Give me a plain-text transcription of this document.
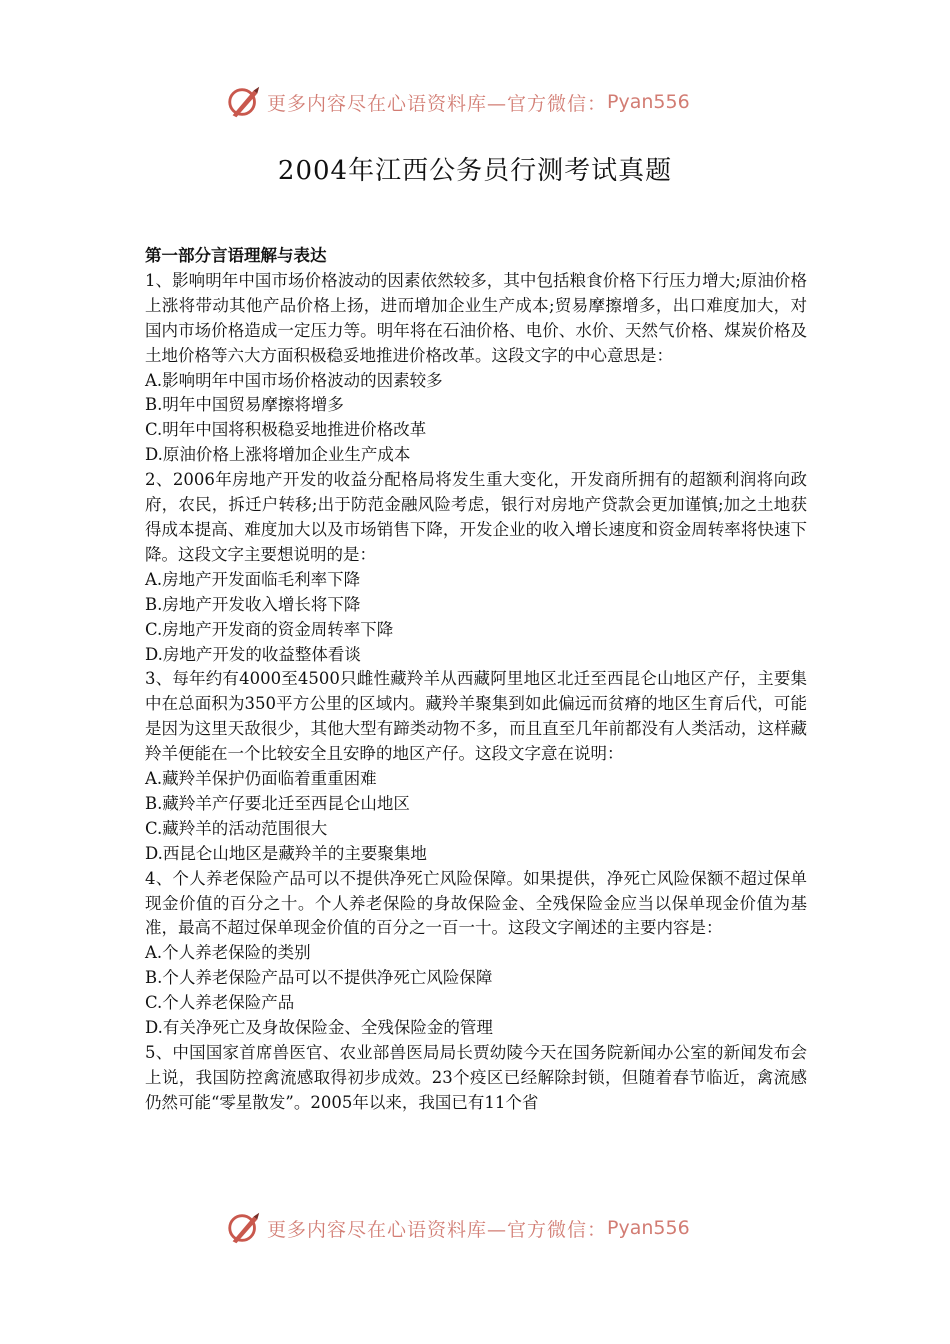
更多内容尽在心语资料库—官方微信： Pyan556
2004年江西公务员行测考试真题

第一部分言语理解与表达

1、影响明年中国市场价格波动的因素依然较多，其中包括粮食价格下行压力增大;原油价格上涨将带动其他产品价格上扬，进而增加企业生产成本;贸易摩擦增多，出口难度加大，对国内市场价格造成一定压力等。明年将在石油价格、电价、水价、天然气价格、煤炭价格及土地价格等六大方面积极稳妥地推进价格改革。这段文字的中心意思是：

A.影响明年中国市场价格波动的因素较多

B.明年中国贸易摩擦将增多

C.明年中国将积极稳妥地推进价格改革

D.原油价格上涨将增加企业生产成本

2、2006年房地产开发的收益分配格局将发生重大变化，开发商所拥有的超额利润将向政府，农民，拆迁户转移;出于防范金融风险考虑，银行对房地产贷款会更加谨慎;加之土地获得成本提高、难度加大以及市场销售下降，开发企业的收入增长速度和资金周转率将快速下降。这段文字主要想说明的是：

A.房地产开发面临毛利率下降

B.房地产开发收入增长将下降

C.房地产开发商的资金周转率下降

D.房地产开发的收益整体看谈

3、每年约有4000至4500只雌性藏羚羊从西藏阿里地区北迁至西昆仑山地区产仔，主要集中在总面积为350平方公里的区域内。藏羚羊聚集到如此偏远而贫瘠的地区生育后代，可能是因为这里天敌很少，其他大型有蹄类动物不多，而且直至几年前都没有人类活动，这样藏羚羊便能在一个比较安全且安睁的地区产仔。这段文字意在说明：

A.藏羚羊保护仍面临着重重困难

B.藏羚羊产仔要北迁至西昆仑山地区

C.藏羚羊的活动范围很大

D.西昆仑山地区是藏羚羊的主要聚集地

4、个人养老保险产品可以不提供净死亡风险保障。如果提供，净死亡风险保额不超过保单现金价值的百分之十。个人养老保险的身故保险金、全残保险金应当以保单现金价值为基准，最高不超过保单现金价值的百分之一百一十。这段文字阐述的主要内容是：

A.个人养老保险的类别

B.个人养老保险产品可以不提供净死亡风险保障

C.个人养老保险产品

D.有关净死亡及身故保险金、全残保险金的管理

5、中国国家首席兽医官、农业部兽医局局长贾幼陵今天在国务院新闻办公室的新闻发布会上说，我国防控禽流感取得初步成效。23个疫区已经解除封锁，但随着春节临近，禽流感仍然可能“零星散发”。2005年以来，我国已有11个省

更多内容尽在心语资料库—官方微信： Pyan556
